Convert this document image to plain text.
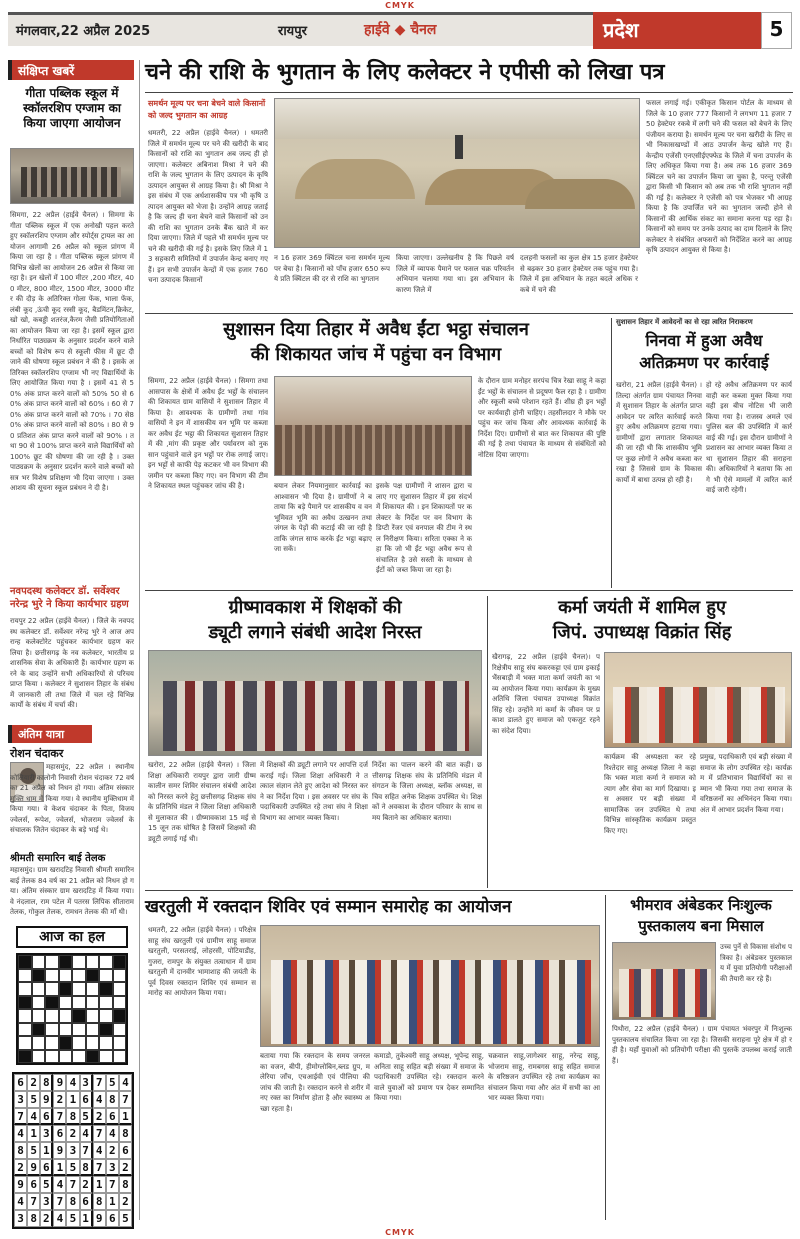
CMYK
मंगलवार,22 अप्रैल 2025	रायपुर	हाईवे ◆ चैनल	प्रदेश	5
संक्षिप्त खबरें
गीता पब्लिक स्कूल में स्कॉलरशिप एग्जाम का किया जाएगा आयोजन
सिमगा, 22 अप्रैल (हाईवे चैनल) । सिमगा के गीता पब्लिक स्कूल में एक अनोखी पहल करते हुए स्कॉलरशिप एग्जाम और स्पोर्ट्स ट्रायल का आयोजन आगामी 26 अप्रैल को स्कूल प्रांगण में किया जा रहा है । गीता पब्लिक स्कूल प्रांगण में विभिन्न खेलों का आयोजन 26 अप्रैल से किया जा रहा है। इन खेलों में 100 मीटर ,200 मीटर, 400 मीटर, 800 मीटर, 1500 मीटर, 3000 मीटर की दौड़ के अतिरिक्त गोला फेंक, भाला फेंक,लंबी कूद ,ऊंची कूद रस्सी कूद, बैडमिंटन,क्रिकेट, खो खो, कबड्डी शतरंज,कैरम जैसी प्रतियोगिताओं का आयोजन किया जा रहा है। इसमें स्कूल द्वारा निर्धारित पाठ्यक्रम के अनुसार प्रदर्शन करने वाले बच्चों को विशेष रूप से स्कूली फीस में छूट दी जाने की घोषणा स्कूल प्रबंधन ने की है । इसके अतिरिक्त स्कॉलरशिप एग्जाम भी नए विद्यार्थियों के लिए आयोजित किया गया है । इसमें 41 से 50% अंक प्राप्त करने वालों को 50% 50 से 60% अंक प्राप्त करने वालों को 60% । 60 से 70% अंक प्राप्त करने वालों को 70% । 70 से80% अंक प्राप्त करने वालों को 80% । 80 से 90 प्रतिशत अंक प्राप्त करने वालों को 90% । तथा 90 से 100% प्राप्त करने वाले विद्यार्थियों को 100% छूट की घोषणा की जा रही है । उक्त पाठ्यक्रम के अनुसार प्रदर्शन करने वाले बच्चों को सत्र भर विशेष प्रशिक्षण भी दिया जाएगा । उक्त आशय की सूचना स्कूल प्रबंधन ने दी है।
नवपदस्थ कलेक्टर डॉ. सर्वेश्वर नरेन्द्र भुरे ने किया कार्यभार ग्रहण
रायपुर 22 अप्रैल (हाईवे चैनल) । जिले के नवपदस्थ कलेक्टर डॉ. सर्वेश्वर नरेन्द्र भुरे ने आज अपरान्ह कलेक्टोरेट पहुंचकर कार्यभार ग्रहण कर लिया है। छत्तीसगढ़ के नव कलेक्टर, भारतीय प्रशासनिक सेवा के अधिकारी हैं। कार्यभार ग्रहण करने के बाद उन्होंने सभी अधिकारियों से परिचय प्राप्त किया । कलेक्टर ने सुशासन तिहार के संबंध में जानकारी ली तथा जिले में चल रहे विभिन्न कार्यों के संबंध में चर्चा की।
अंतिम यात्रा
रोशन चंदाकर
महासमुंद, 22 अप्रैल । स्थानीय कोलियारी कालोनी निवासी रोशन चंदाकर 72 वर्ष का 21 अप्रैल को निधन हो गया। अंतिम संस्कार मुक्ति धाम में किया गया। वे स्थानीय मुक्तिधाम में किया गया। वे केशव चंदाकर के पिता, विजय ज्वेलर्स, रूपेश, ज्वेलर्स, भोजराम ज्वेलर्स के संचालक जितेन चंदाकर के बड़े भाई थे।
श्रीमती समारिन बाई तेलक
महासमुंद। ग्राम खरादटिह निवासी श्रीमती समारिन बाई तेलक 84 वर्ष का 21 अप्रैल को निधन हो गया। अंतिम संस्कार ग्राम खरादटिह में किया गया। वे नंदलाल, राम पटेल में पतरस लिपिक सीताराम तेलक, गोकुल तेलक, रामधन तेलक की माँ थी।
आज का हल
6 2 8 9 4 3 7 5 4
3 5 9 2 1 6 4 8 7
7 4 6 7 8 5 2 6 1
4 1 3 6 2 4 7 4 8
8 5 1 9 3 7 4 2 6
2 9 6 1 5 8 7 3 2
9 6 5 4 7 2 1 7 8
4 7 3 7 8 6 8 1 2
3 8 2 4 5 1 9 6 5
चने की राशि के भुगतान के लिए कलेक्टर ने एपीसी को लिखा पत्र
समर्थन मूल्य पर चना बेचने वाले किसानों को जल्द भुगतान का आग्रह
धमतरी, 22 अप्रैल (हाईवे चैनल) । धमतरी जिले में समर्थन मूल्य पर चने की खरीदी के बाद किसानों को राशि का भुगतान अब जल्द ही हो जाएगा। कलेक्टर अबिनाश मिश्रा ने चने की राशि के जल्द भुगतान के लिए उत्पादन के कृषि उत्पादन आयुक्त से आग्रह किया है। श्री मिश्रा ने इस संबंध में एक अर्धशासकीय पत्र भी कृषि उत्पादन आयुक्त को भेजा है। उन्होंने आग्रह जताई है कि जल्द ही चना बेचने वाले किसानों को उनकी राशि का भुगतान उनके बैंक खाते में कर दिया जाएगा। जिले में पहले भी समर्थन मूल्य पर चने की खरीदी की गई है। इसके लिए जिले में 13 सहकारी समितियों में उपार्जन केन्द्र बनाए गए हैं। इन सभी उपार्जन केन्द्रों में एक हजार 760 चना उत्पादक किसानों
न 16 हजार 369 क्विंटल चना समर्थन मूल्य पर बेचा है। किसानों को पाँच हजार 650 रूपये प्रति क्विंटल की दर से राशि का भुगतान
किया जाएगा। उल्लेखनीय है कि पिछले वर्ष जिले में व्यापक पैमाने पर फसल चक्र परिवर्तन अभियान चलाया गया था। इस अभियान के कारण जिले में
दलहनी फसलों का कुल क्षेत्र 15 हजार हेक्टेयर से बढ़कर 30 हजार हेक्टेयर तक पहुंच गया है। जिले में इस अभियान के तहत बदले अधिक रकबे में चने की
फसल लगाई गई। एकीकृत किसान पोर्टल के माध्यम से जिले के 10 हजार 777 किसानों ने लगभग 11 हजार 750 हेक्टेयर रकबे में लगी चने की फसल को बेचने के लिए पंजीयन कराया है। समर्थन मूल्य पर चना खरीदी के लिए सभी निकासखण्डों में आठ उपार्जन केन्द्र खोले गए हैं। केन्द्रीय एजेंसी एनएसीईएफ्फेड के जिले में चना उपार्जन के लिए अधिकृत किया गया है। अब तक 16 हजार 369 क्विंटल चने का उपार्जन किया जा चुका है, परन्तु एजेंसी द्वारा किसी भी किसान को अब तक भी राशि भुगतान नहीं की गई है। कलेक्टर ने एजेंसी को पत्र भेजकर भी आग्रह किया है कि उपार्जित चने का भुगतान जल्दी होने से किसानों की आर्थिक संकट का समाना करना पड़ रहा है। किसानों को समय पर उनके उत्पाद का दाम दिलाने के लिए कलेक्टर ने संबंधित अफसरों को निर्देशित करने का आग्रह कृषि उत्पादन आयुक्त से किया है।
सुशासन दिया तिहार में अवैध ईंटा भट्ठा संचालन
की शिकायत जांच में पहुंचा वन विभाग
सिमगा, 22 अप्रैल (हाईवे चैनल) । सिमगा तथा आसपास के क्षेत्रों में अवैध ईंट भट्ठों के संचालन की शिकायत ग्राम वासियों ने सुशासन तिहार में किया है। आवश्यक के ग्रामीणों तथा गांव वासियों ने इन में शासकीय वन भूमि पर कब्जा कर अवैध ईट भट्ठा की शिकायत सुशासन तिहार में की ,मांग की प्रकृष्ट और पर्यावरण को नुकसान पहुंचाने वाले इन भट्ठों पर रोक लगाई जाए। इन भट्टों से काफी पेड़ कटकर भी वन विभाग की जमीन पर कब्जा किए गए। वन विभाग की टीम ने शिकायत स्थल पहुंचकर जांच की है।	बयान लेकर नियमानुसार कार्रवाई का आश्वासन भी दिया है। ग्रामीणों ने बताया कि बड़े पैमाने पर शासकीय व वनभूमिवत भूमि का अवैध उत्खनन तथा जंगल के पेड़ों की कटाई की जा रही है ताकि जंगल साफ करके ईंट भट्ठा बढ़ाए जा सकें।
इसके पक्ष ग्रामीणों ने शासन द्वारा चलाए गए सुशासन तिहार में इस संदर्भ में शिकायत की । इन शिकायतों पर कलेक्टर के निर्देश पर वन विभाग के डिप्टी रेंजर एवं वनपाल की टीम ने स्थल निरीक्षण किया। सरिता एक्का ने कहा कि जो भी ईंट भट्ठा अवैध रूप से संचालित है उसे सस्ती के माध्यम से ईंटों को जब्त किया जा रहा है।
के दौरान ग्राम मनोहर सरपंच चित्र रेखा साहू ने कहा ईंट भट्ठों के संचालन से प्रदूषण फैल रहा है । ग्रामीण और स्कूली बच्चे परेशान रहते हैं। शीघ्र ही इन भट्ठों पर कार्यवाही होनी चाहिए। तहसीलदार ने मौके पर पहुंच कर जांच किया और आवश्यक कार्रवाई के निर्देश दिए। ग्रामीणों से बात कर शिकायत की पुष्टि की गई है तथा पंचायत के माध्यम से संबंधितों को नोटिस दिया जाएगा।
सुशासन तिहार में आवेदनों का से रहा त्वरित निराकरण
निनवा में हुआ अवैध
अतिक्रमण पर कार्रवाई
खरोरा, 21 अप्रैल (हाईवे चैनल) । तिल्दा अंतर्गत ग्राम पंचायत निनवा में सुशासन तिहार के अंतर्गत प्राप्त आवेदन पर त्वरित कार्रवाई करते हुए अवैध अतिक्रमण हटाया गया। ग्रामीणों द्वारा लगातार शिकायत की जा रही थी कि शासकीय भूमि पर कुछ लोगों ने अवैध कब्जा कर रखा है जिससे ग्राम के विकास कार्यों में बाधा उत्पन्न हो रही है।
हो रहे अवैध अतिक्रमण पर कार्यवाही कर कब्जा मुक्त किया गया वही इस बीच नोटिस भी जारी किया गया है। राजस्व अमले एवं पुलिस बल की उपस्थिति में कार्रवाई की गई। इस दौरान ग्रामीणों ने प्रशासन का आभार व्यक्त किया तथा सुशासन तिहार की सराहना की। अधिकारियों ने बताया कि आगे भी ऐसे मामलों में त्वरित कार्रवाई जारी रहेगी।
ग्रीष्मावकाश में शिक्षकों की
ड्यूटी लगाने संबंधी आदेश निरस्त
खरोरा, 22 अप्रैल (हाईवे चैनल) । जिला शिक्षा अधिकारी रायपुर द्वारा जारी ग्रीष्मकालीन समर शिविर संचालन संबंधी आदेश को निरस्त करने हेतु छत्तीसगढ़ शिक्षक संघ के प्रतिनिधि मंडल ने जिला शिक्षा अधिकारी से मुलाकात की । ग्रीष्मावकाश 15 मई से 15 जून तक घोषित है जिसमें शिक्षकों की ड्यूटी लगाई गई थी।
में शिक्षकों की ड्यूटी लगाने पर आपत्ति दर्ज कराई गई। जिला शिक्षा अधिकारी ने तत्काल संज्ञान लेते हुए आदेश को निरस्त करने का निर्देश दिया । इस अवसर पर संघ के पदाधिकारी उपस्थित रहे तथा संघ ने शिक्षा विभाग का आभार व्यक्त किया।
निर्देश का पालन करने की बात कही। छत्तीसगढ़ शिक्षक संघ के प्रतिनिधि मंडल में संगठन के जिला अध्यक्ष, ब्लॉक अध्यक्ष, सचिव सहित अनेक शिक्षक उपस्थित थे। शिक्षकों ने अवकाश के दौरान परिवार के साथ समय बिताने का अधिकार बताया।
कर्मा जयंती में शामिल हुए
जिपं. उपाध्यक्ष विक्रांत सिंह
खैरागढ़, 22 अप्रैल (हाईवे चैनल)। परिक्षेत्रीय साहू संघ बकरकट्टा एवं ग्राम इकाई भैंसबाड़ी में भक्त माता कर्मा जयंती का भव्य आयोजन किया गया। कार्यक्रम के मुख्य अतिथि जिला पंचायत उपाध्यक्ष विक्रांत सिंह रहे। उन्होंने मां कर्मा के जीवन पर प्रकाश डालते हुए समाज को एकजुट रहने का संदेश दिया।
कार्यक्रम की अध्यक्षता कर रहे रिश्तेदार साहू अध्यक्ष जिला ने कहा कि भक्त माता कर्मा ने समाज को त्याग और सेवा का मार्ग दिखाया। इस अवसर पर बड़ी संख्या में सामाजिक जन उपस्थित थे तथा विभिन्न सांस्कृतिक कार्यक्रम प्रस्तुत किए गए।
प्रमुख, पदाधिकारी एवं बड़ी संख्या में समाज के लोग उपस्थित रहे। कार्यक्रम में प्रतिभावान विद्यार्थियों का सम्मान भी किया गया तथा समाज के वरिष्ठजनों का अभिनंदन किया गया। अंत में आभार प्रदर्शन किया गया।
खरतुली में रक्तदान शिविर एवं सम्मान समारोह का आयोजन
धमतरी, 22 अप्रैल (हाईवे चैनल) । परिक्षेत्र साहू संघ खरतुली एवं ग्रामीण साहू समाज खरतुली, परसतराई, लोहरसी, पोटियाडीह, गुजरा, रामपुर के संयुक्त तत्वाधान में ग्राम खरतुली में दानवीर भामाशाह की जयंती के पूर्व दिवस रक्तदान शिविर एवं सम्मान समारोह का आयोजन किया गया।
बताया गया कि रक्तदान के समय जनरल का वजन, बीपी, हीमोग्लोबिन,ब्लड ग्रुप, मलेरिया जाँच, एचआईवी एवं पीलिया की जांच की जाती है। रक्तदान करने से शरीर में नए रक्त का निर्माण होता है और स्वास्थ्य अच्छा रहता है।
कमाडो, तुकेश्वरी साहू अध्यक्ष, भूपेन्द्र साहू, अनिता साहू सहित बड़ी संख्या में समाज के पदाधिकारी उपस्थित रहे। रक्तदान करने वाले युवाओं को प्रमाण पत्र देकर सम्मानित किया गया।
चक्रवाल साहू,जागेश्वर साहू, नरेन्द्र साहू, भोजराम साहू, रामबगस साहू सहित समाज के वरिष्ठजन उपस्थित रहे तथा कार्यक्रम का संचालन किया गया और अंत में सभी का आभार व्यक्त किया गया।
भीमराव अंबेडकर निःशुल्क
पुस्तकालय बना मिसाल
उच्च पुर्ने से विकास संशोध पत्रिका है। अंबेडकर पुस्तकालय में युवा प्रतियोगी परीक्षाओं की तैयारी कर रहे हैं।
पिथौरा, 22 अप्रैल (हाईवे चैनल) । ग्राम पंचायत भंवरपुर में निःशुल्क पुस्तकालय संचालित किया जा रहा है। जिसकी सराहना पूरे क्षेत्र में हो रही है। यहाँ युवाओं को प्रतियोगी परीक्षा की पुस्तकें उपलब्ध कराई जाती हैं।
CMYK
